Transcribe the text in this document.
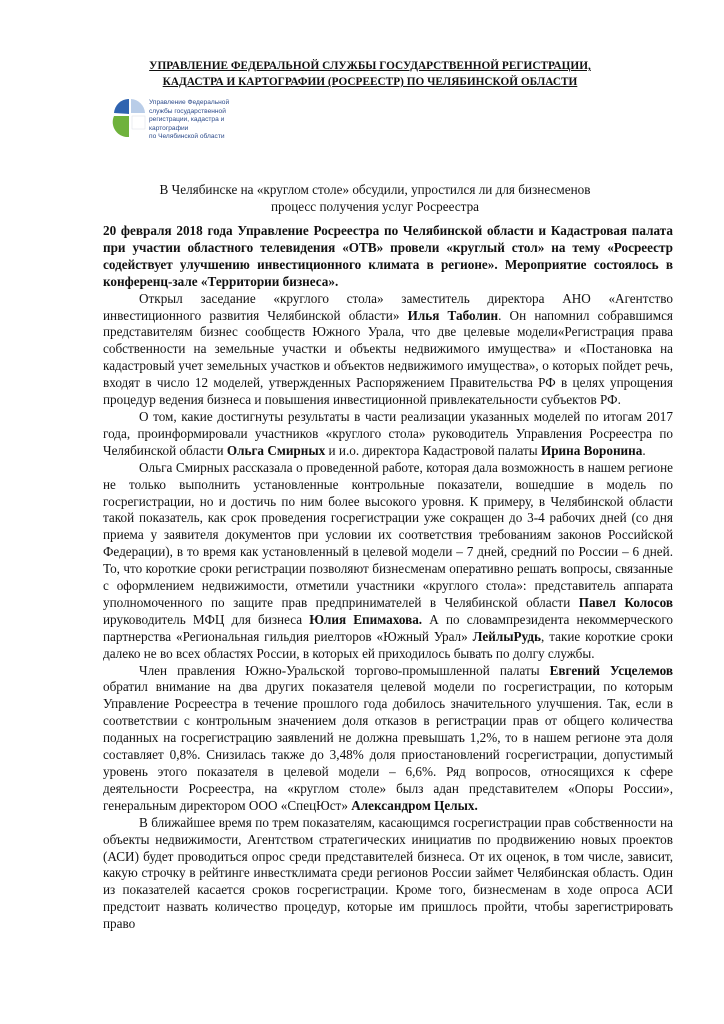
УПРАВЛЕНИЕ ФЕДЕРАЛЬНОЙ СЛУЖБЫ ГОСУДАРСТВЕННОЙ РЕГИСТРАЦИИ,
КАДАСТРА И КАРТОГРАФИИ (РОСРЕЕСТР) ПО ЧЕЛЯБИНСКОЙ ОБЛАСТИ
Управление Федеральной
службы государственной
регистрации, кадастра и
картографии
по Челябинской области
В Челябинске на «круглом столе» обсудили, упростился ли для бизнесменов
процесс получения услуг Росреестра

20 февраля 2018 года Управление Росреестра по Челябинской области и Кадастровая палата при участии областного телевидения «ОТВ» провели «круглый стол» на тему «Росреестр содействует улучшению инвестиционного климата в регионе». Мероприятие состоялось в конференц-зале «Территории бизнеса».

Открыл заседание «круглого стола» заместитель директора АНО «Агентство инвестиционного развития Челябинской области» Илья Таболин. Он напомнил собравшимся представителям бизнес сообществ Южного Урала, что две целевые модели«Регистрация права собственности на земельные участки и объекты недвижимого имущества» и «Постановка на кадастровый учет земельных участков и объектов недвижимого имущества», о которых пойдет речь, входят в число 12 моделей, утвержденных Распоряжением Правительства РФ в целях упрощения процедур ведения бизнеса и повышения инвестиционной привлекательности субъектов РФ.

О том, какие достигнуты результаты в части реализации указанных моделей по итогам 2017 года, проинформировали участников «круглого стола» руководитель Управления Росреестра по Челябинской области Ольга Смирных и и.о. директора Кадастровой палаты Ирина Воронина.

Ольга Смирных рассказала о проведенной работе, которая дала возможность в нашем регионе не только выполнить установленные контрольные показатели, вошедшие в модель по госрегистрации, но и достичь по ним более высокого уровня. К примеру, в Челябинской области такой показатель, как срок проведения госрегистрации уже сокращен до 3-4 рабочих дней (со дня приема у заявителя документов при условии их соответствия требованиям законов Российской Федерации), в то время как установленный в целевой модели – 7 дней, средний по России – 6 дней. То, что короткие сроки регистрации позволяют бизнесменам оперативно решать вопросы, связанные с оформлением недвижимости, отметили участники «круглого стола»: представитель аппарата уполномоченного по защите прав предпринимателей в Челябинской области Павел Колосов ируководитель МФЦ для бизнеса Юлия Епимахова. А по словампрезидента некоммерческого партнерства «Региональная гильдия риелторов «Южный Урал» ЛейлыРудь, такие короткие сроки далеко не во всех областях России, в которых ей приходилось бывать по долгу службы.

Член правления Южно-Уральской торгово-промышленной палаты Евгений Усцелемов обратил внимание на два других показателя целевой модели по госрегистрации, по которым Управление Росреестра в течение прошлого года добилось значительного улучшения. Так, если в соответствии с контрольным значением доля отказов в регистрации прав от общего количества поданных на госрегистрацию заявлений не должна превышать 1,2%, то в нашем регионе эта доля составляет 0,8%. Снизилась также до 3,48% доля приостановлений госрегистрации, допустимый уровень этого показателя в целевой модели – 6,6%. Ряд вопросов, относящихся к сфере деятельности Росреестра, на «круглом столе» былз адан представителем «Опоры России», генеральным директором ООО «СпецЮст» Александром Целых.

В ближайшее время по трем показателям, касающимся госрегистрации прав собственности на объекты недвижимости, Агентством стратегических инициатив по продвижению новых проектов (АСИ) будет проводиться опрос среди представителей бизнеса. От их оценок, в том числе, зависит, какую строчку в рейтинге инвестклимата среди регионов России займет Челябинская область. Один из показателей касается сроков госрегистрации. Кроме того, бизнесменам в ходе опроса АСИ предстоит назвать количество процедур, которые им пришлось пройти, чтобы зарегистрировать право
